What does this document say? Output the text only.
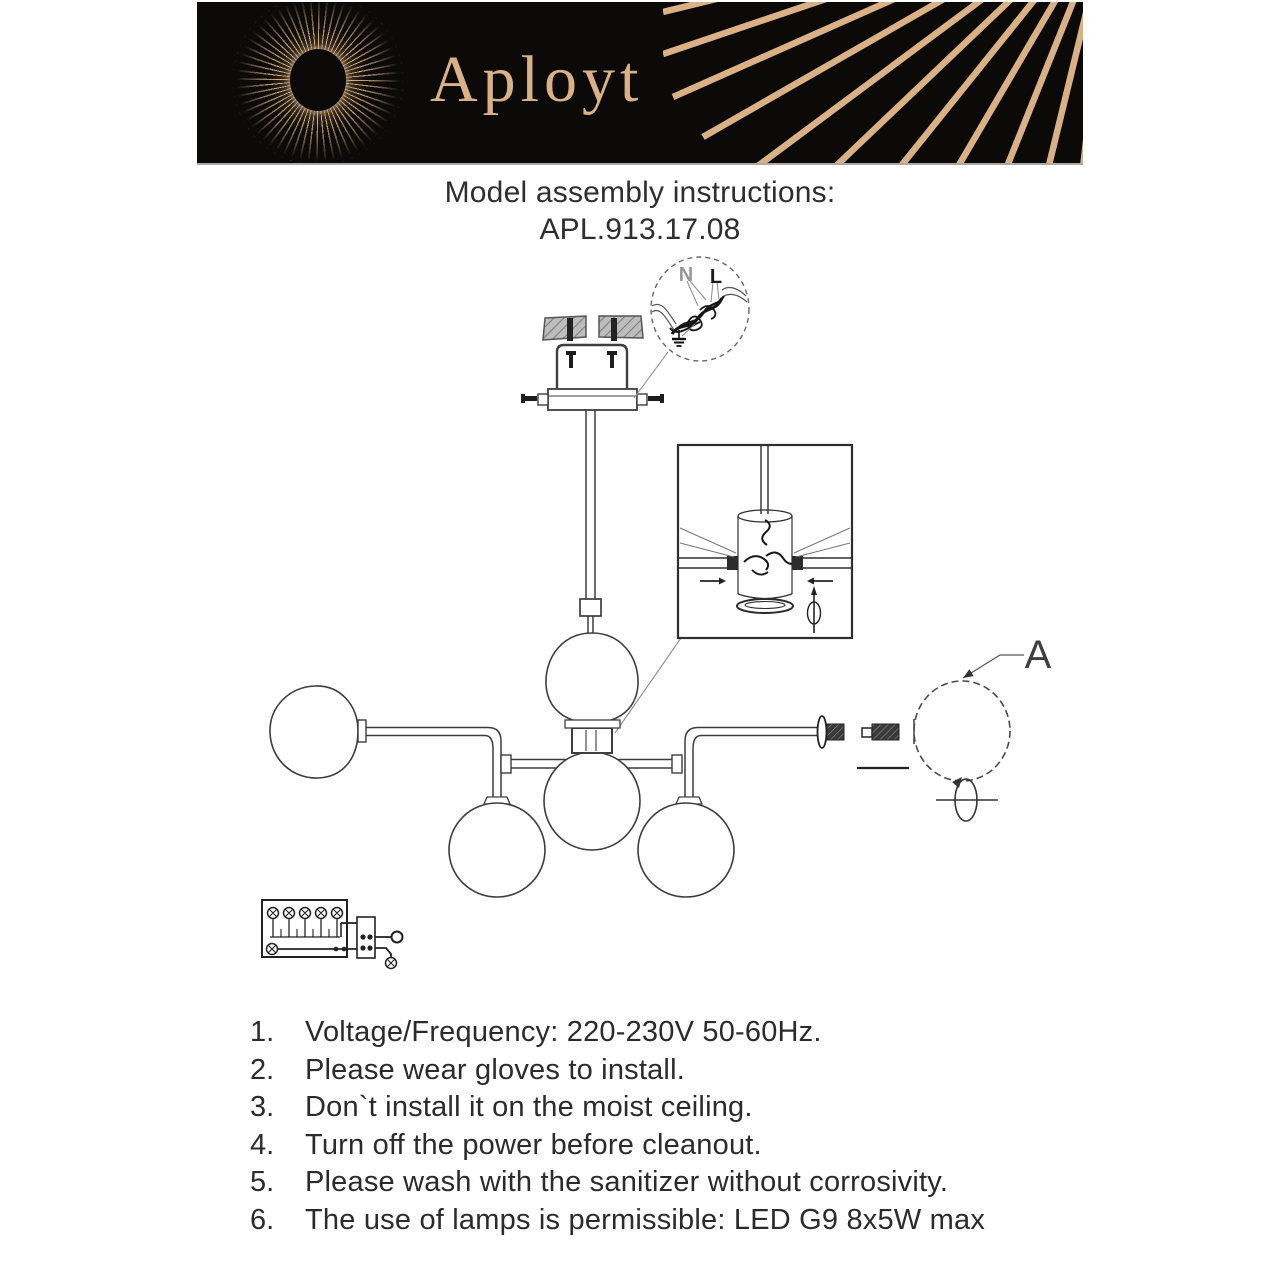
N L
A
Aployt
Model assembly instructions:
APL.913.17.08
1.	Voltage/Frequency: 220-230V 50-60Hz.
2.	Please wear gloves to install.
3.	Don`t install it on the moist ceiling.
4.	Turn off the power before cleanout.
5.	Please wash with the sanitizer without corrosivity.
6.	The use of lamps is permissible: LED G9 8x5W max
